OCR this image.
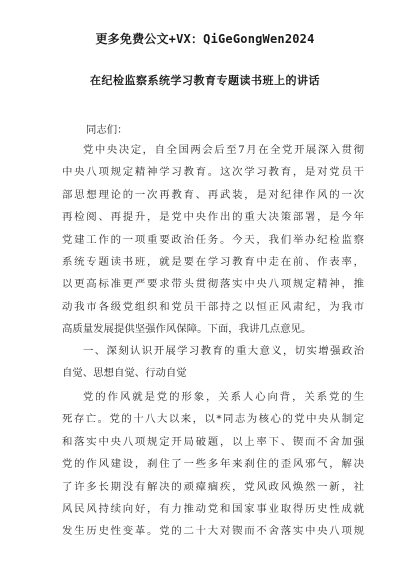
更多免费公文+VX：QiGeGongWen2024
在纪检监察系统学习教育专题读书班上的讲话
同志们：
党中央决定，自全国两会后至7月在全党开展深入贯彻
中央八项规定精神学习教育。这次学习教育，是对党员干
部思想理论的一次再教育、再武装，是对纪律作风的一次
再检阅、再提升，是党中央作出的重大决策部署，是今年
党建工作的一项重要政治任务。今天，我们举办纪检监察
系统专题读书班，就是要在学习教育中走在前、作表率，
以更高标准更严要求带头贯彻落实中央八项规定精神，推
动我市各级党组织和党员干部持之以恒正风肃纪，为我市
高质量发展提供坚强作风保障。下面，我讲几点意见。
一、深刻认识开展学习教育的重大意义，切实增强政治
自觉、思想自觉、行动自觉
党的作风就是党的形象，关系人心向背，关系党的生
死存亡。党的十八大以来，以*同志为核心的党中央从制定
和落实中央八项规定开局破题，以上率下、锲而不舍加强
党的作风建设，刹住了一些多年来刹住的歪风邪气，解决
了许多长期没有解决的顽瘴痼疾，党风政风焕然一新，社
风民风持续向好，有力推动党和国家事业取得历史性成就
发生历史性变革。党的二十大对锲而不舍落实中央八项规
